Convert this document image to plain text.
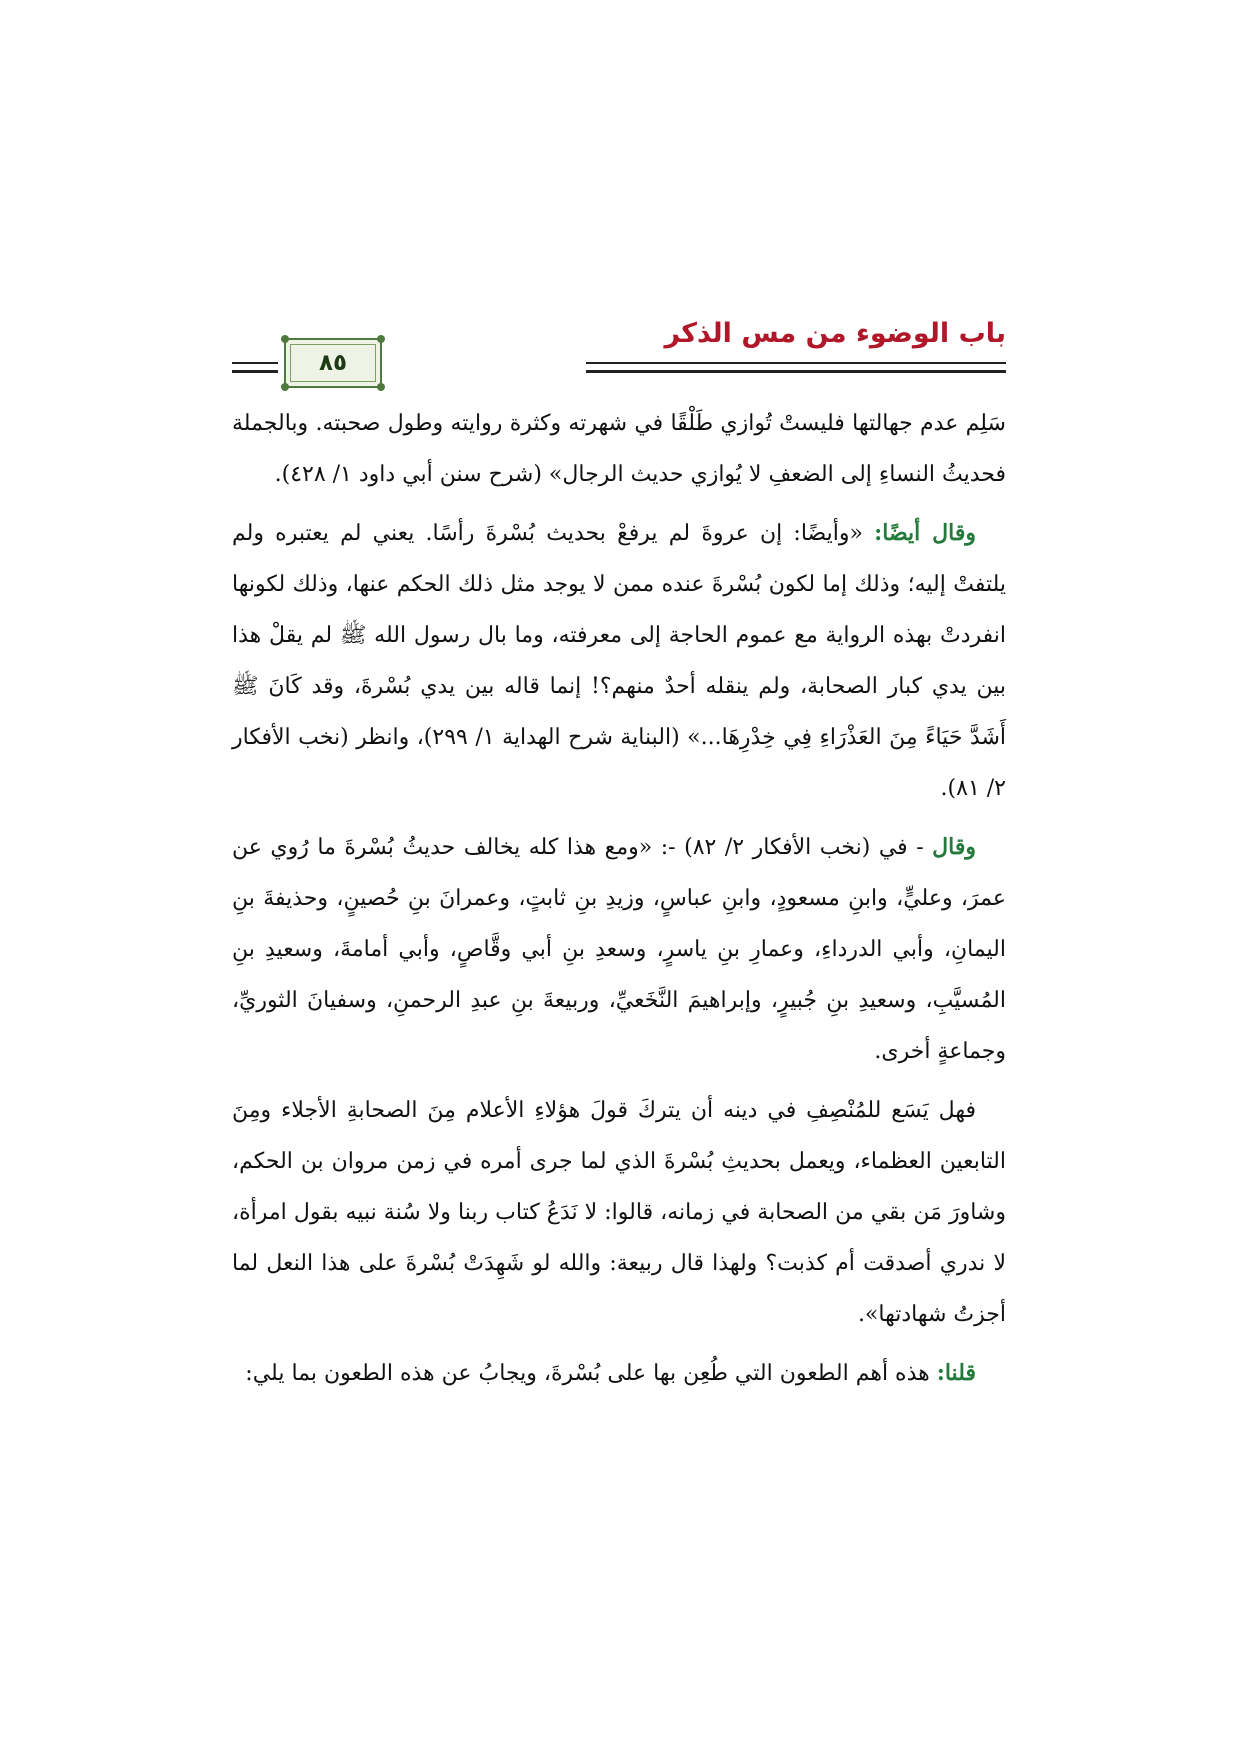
باب الوضوء من مس الذكر
٨٥

سَلِم عدم جهالتها فليستْ تُوازي طَلْقًا في شهرته وكثرة روايته وطول صحبته. وبالجملة فحديثُ النساءِ إلى الضعفِ لا يُوازي حديث الرجال» (شرح سنن أبي داود ١/ ٤٢٨).

وقال أيضًا: «وأيضًا: إن عروةَ لم يرفعْ بحديث بُسْرةَ رأسًا. يعني لم يعتبره ولم يلتفتْ إليه؛ وذلك إما لكون بُسْرةَ عنده ممن لا يوجد مثل ذلك الحكم عنها، وذلك لكونها انفردتْ بهذه الرواية مع عموم الحاجة إلى معرفته، وما بال رسول الله ﷺ لم يقلْ هذا بين يدي كبار الصحابة، ولم ينقله أحدٌ منهم؟! إنما قاله بين يدي بُسْرةَ، وقد كَانَ ﷺ أَشَدَّ حَيَاءً مِنَ العَذْرَاءِ فِي خِدْرِهَا...» (البناية شرح الهداية ١/ ٢٩٩)، وانظر (نخب الأفكار ٢/ ٨١).

وقال - في (نخب الأفكار ٢/ ٨٢) -: «ومع هذا كله يخالف حديثُ بُسْرةَ ما رُوي عن عمرَ، وعليٍّ، وابنِ مسعودٍ، وابنِ عباسٍ، وزيدِ بنِ ثابتٍ، وعمرانَ بنِ حُصينٍ، وحذيفةَ بنِ اليمانِ، وأبي الدرداءِ، وعمارِ بنِ ياسرٍ، وسعدِ بنِ أبي وقَّاصٍ، وأبي أمامةَ، وسعيدِ بنِ المُسيَّبِ، وسعيدِ بنِ جُبيرٍ، وإبراهيمَ النَّخَعيِّ، وربيعةَ بنِ عبدِ الرحمنِ، وسفيانَ الثوريِّ، وجماعةٍ أخرى.

فهل يَسَع للمُنْصِفِ في دينه أن يتركَ قولَ هؤلاءِ الأعلام مِنَ الصحابةِ الأجلاء ومِنَ التابعين العظماء، ويعمل بحديثِ بُسْرةَ الذي لما جرى أمره في زمن مروان بن الحكم، وشاورَ مَن بقي من الصحابة في زمانه، قالوا: لا نَدَعُ كتاب ربنا ولا سُنة نبيه بقول امرأة، لا ندري أصدقت أم كذبت؟ ولهذا قال ربيعة: والله لو شَهِدَتْ بُسْرةَ على هذا النعل لما أجزتُ شهادتها».

قلنا: هذه أهم الطعون التي طُعِن بها على بُسْرةَ، ويجابُ عن هذه الطعون بما يلي:
